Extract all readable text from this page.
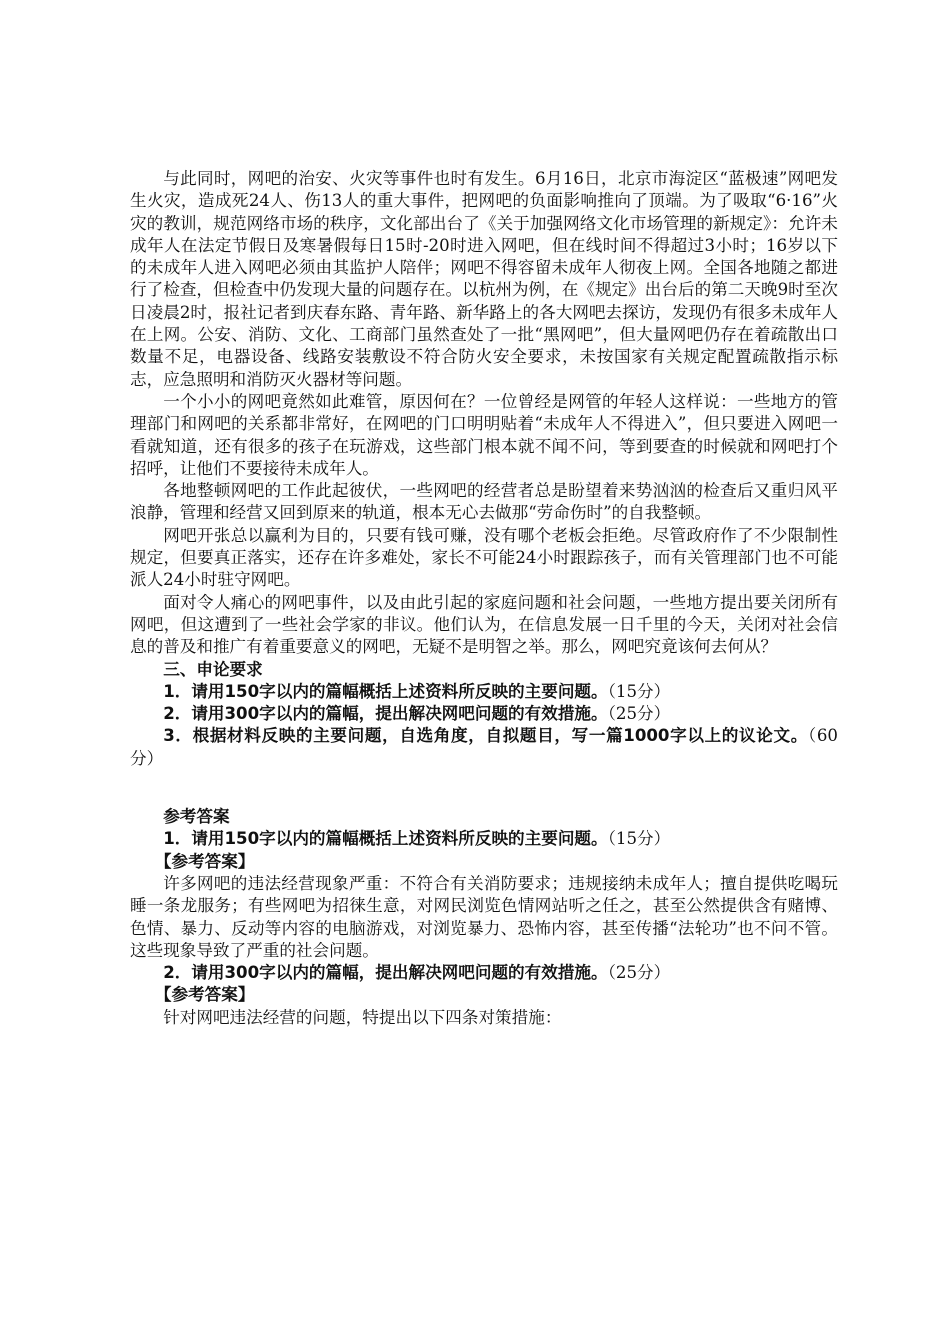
与此同时，网吧的治安、火灾等事件也时有发生。6月16日，北京市海淀区“蓝极速”网吧发生火灾，造成死24人、伤13人的重大事件，把网吧的负面影响推向了顶端。为了吸取“6·16”火灾的教训，规范网络市场的秩序，文化部出台了《关于加强网络文化市场管理的新规定》：允许未成年人在法定节假日及寒暑假每日15时-20时进入网吧，但在线时间不得超过3小时；16岁以下的未成年人进入网吧必须由其监护人陪伴；网吧不得容留未成年人彻夜上网。全国各地随之都进行了检查，但检查中仍发现大量的问题存在。以杭州为例，在《规定》出台后的第二天晚9时至次日凌晨2时，报社记者到庆春东路、青年路、新华路上的各大网吧去探访，发现仍有很多未成年人在上网。公安、消防、文化、工商部门虽然查处了一批“黑网吧”，但大量网吧仍存在着疏散出口数量不足，电器设备、线路安装敷设不符合防火安全要求，未按国家有关规定配置疏散指示标志，应急照明和消防灭火器材等问题。

一个小小的网吧竟然如此难管，原因何在？一位曾经是网管的年轻人这样说：一些地方的管理部门和网吧的关系都非常好，在网吧的门口明明贴着“未成年人不得进入”，但只要进入网吧一看就知道，还有很多的孩子在玩游戏，这些部门根本就不闻不问，等到要查的时候就和网吧打个招呼，让他们不要接待未成年人。

各地整顿网吧的工作此起彼伏，一些网吧的经营者总是盼望着来势汹汹的检查后又重归风平浪静，管理和经营又回到原来的轨道，根本无心去做那“劳命伤时”的自我整顿。

网吧开张总以赢利为目的，只要有钱可赚，没有哪个老板会拒绝。尽管政府作了不少限制性规定，但要真正落实，还存在许多难处，家长不可能24小时跟踪孩子，而有关管理部门也不可能派人24小时驻守网吧。

面对令人痛心的网吧事件，以及由此引起的家庭问题和社会问题，一些地方提出要关闭所有网吧，但这遭到了一些社会学家的非议。他们认为，在信息发展一日千里的今天，关闭对社会信息的普及和推广有着重要意义的网吧，无疑不是明智之举。那么，网吧究竟该何去何从？

三、申论要求

1．请用150字以内的篇幅概括上述资料所反映的主要问题。（15分）

2．请用300字以内的篇幅，提出解决网吧问题的有效措施。（25分）

3．根据材料反映的主要问题，自选角度，自拟题目，写一篇1000字以上的议论文。（60分）

参考答案

1．请用150字以内的篇幅概括上述资料所反映的主要问题。（15分）

【参考答案】

许多网吧的违法经营现象严重：不符合有关消防要求；违规接纳未成年人；擅自提供吃喝玩睡一条龙服务；有些网吧为招徕生意，对网民浏览色情网站听之任之，甚至公然提供含有赌博、色情、暴力、反动等内容的电脑游戏，对浏览暴力、恐怖内容，甚至传播“法轮功”也不问不管。这些现象导致了严重的社会问题。

2．请用300字以内的篇幅，提出解决网吧问题的有效措施。（25分）

【参考答案】

针对网吧违法经营的问题，特提出以下四条对策措施：
